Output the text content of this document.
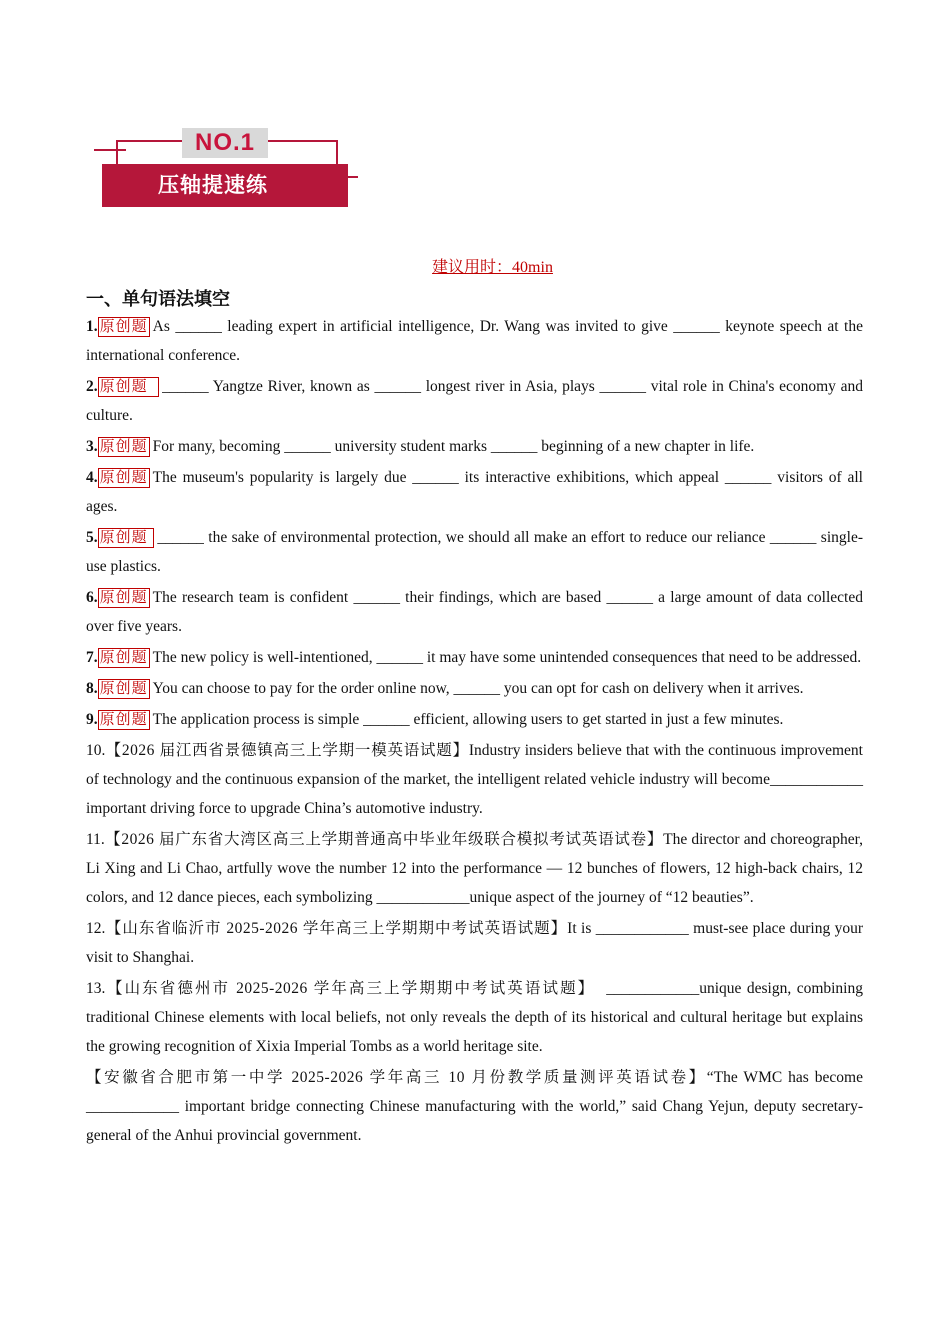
NO.1
压轴提速练
建议用时：40min
一、单句语法填空

1. 原创题 As ______ leading expert in artificial intelligence, Dr. Wang was invited to give ______ keynote speech at the international conference.

2. 原创题  ______ Yangtze River, known as ______ longest river in Asia, plays ______ vital role in China's economy and culture.

3. 原创题 For many, becoming ______ university student marks ______ beginning of a new chapter in life.

4. 原创题 The museum's popularity is largely due ______ its interactive exhibitions, which appeal ______ visitors of all ages.

5. 原创题 ______ the sake of environmental protection, we should all make an effort to reduce our reliance ______ single-use plastics.

6. 原创题 The research team is confident ______ their findings, which are based ______ a large amount of data collected over five years.

7. 原创题 The new policy is well-intentioned, ______ it may have some unintended consequences that need to be addressed.

8. 原创题 You can choose to pay for the order online now, ______ you can opt for cash on delivery when it arrives.

9. 原创题 The application process is simple ______ efficient, allowing users to get started in just a few minutes.

10.【2026 届江西省景德镇高三上学期一模英语试题】Industry insiders believe that with the continuous improvement of technology and the continuous expansion of the market, the intelligent related vehicle industry will become____________ important driving force to upgrade China’s automotive industry.

11.【2026 届广东省大湾区高三上学期普通高中毕业年级联合模拟考试英语试卷】The director and choreographer, Li Xing and Li Chao, artfully wove the number 12 into the performance — 12 bunches of flowers, 12 high-back chairs, 12 colors, and 12 dance pieces, each symbolizing ____________unique aspect of the journey of “12 beauties”.

12.【山东省临沂市 2025-2026 学年高三上学期期中考试英语试题】It is ____________ must-see place during your visit to Shanghai.

13.【山东省德州市 2025-2026 学年高三上学期期中考试英语试题】  ____________unique design, combining traditional Chinese elements with local beliefs, not only reveals the depth of its historical and cultural heritage but explains the growing recognition of Xixia Imperial Tombs as a world heritage site.

【安徽省合肥市第一中学 2025-2026 学年高三 10 月份教学质量测评英语试卷】“The WMC has become ____________ important bridge connecting Chinese manufacturing with the world,” said Chang Yejun, deputy secretary-general of the Anhui provincial government.
